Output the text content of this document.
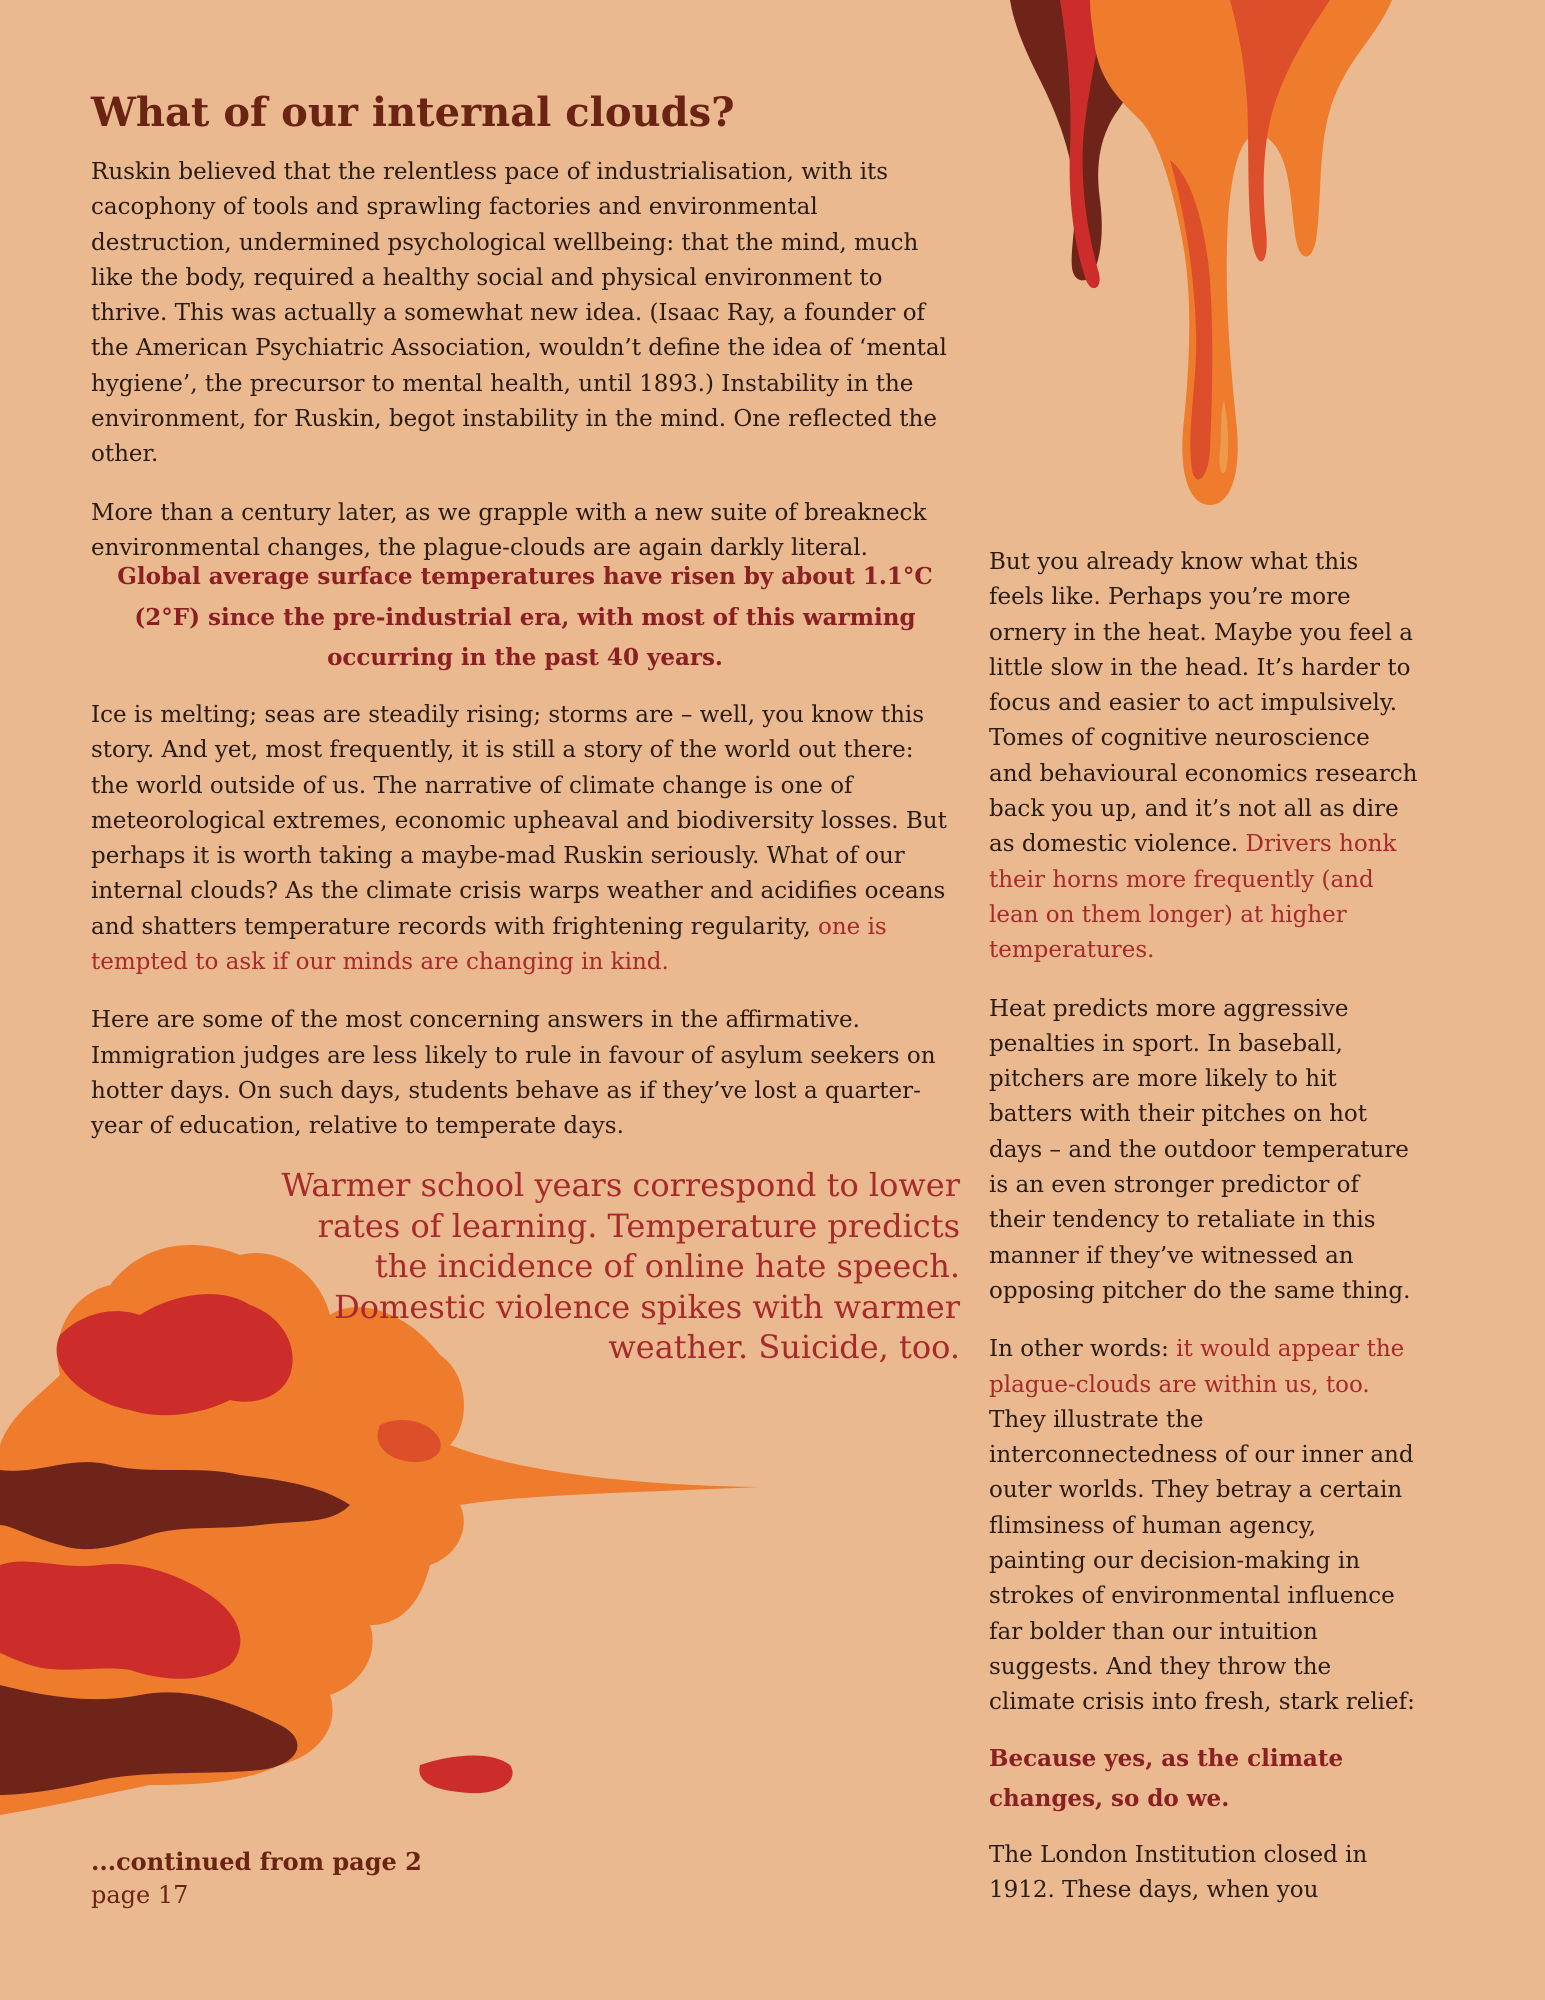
What of our internal clouds?

Ruskin believed that the relentless pace of industrialisation, with its cacophony of tools and sprawling factories and environmental destruction, undermined psychological wellbeing: that the mind, much like the body, required a healthy social and physical environment to thrive. This was actually a somewhat new idea. (Isaac Ray, a founder of the American Psychiatric Association, wouldn’t define the idea of ‘mental hygiene’, the precursor to mental health, until 1893.) Instability in the environment, for Ruskin, begot instability in the mind. One reflected the other.

More than a century later, as we grapple with a new suite of breakneck environmental changes, the plague-clouds are again darkly literal.

Global average surface temperatures have risen by about 1.1°C (2°F) since the pre-industrial era, with most of this warming occurring in the past 40 years.

Ice is melting; seas are steadily rising; storms are – well, you know this story. And yet, most frequently, it is still a story of the world out there: the world outside of us. The narrative of climate change is one of meteorological extremes, economic upheaval and biodiversity losses. But perhaps it is worth taking a maybe-mad Ruskin seriously. What of our internal clouds? As the climate crisis warps weather and acidifies oceans and shatters temperature records with frightening regularity, one is tempted to ask if our minds are changing in kind.

Here are some of the most concerning answers in the affirmative. Immigration judges are less likely to rule in favour of asylum seekers on hotter days. On such days, students behave as if they’ve lost a quarter-year of education, relative to temperate days.

Warmer school years correspond to lower rates of learning. Temperature predicts the incidence of online hate speech. Domestic violence spikes with warmer weather. Suicide, too.

But you already know what this feels like. Perhaps you’re more ornery in the heat. Maybe you feel a little slow in the head. It’s harder to focus and easier to act impulsively. Tomes of cognitive neuroscience and behavioural economics research back you up, and it’s not all as dire as domestic violence. Drivers honk their horns more frequently (and lean on them longer) at higher temperatures.

Heat predicts more aggressive penalties in sport. In baseball, pitchers are more likely to hit batters with their pitches on hot days – and the outdoor temperature is an even stronger predictor of their tendency to retaliate in this manner if they’ve witnessed an opposing pitcher do the same thing.

In other words: it would appear the plague-clouds are within us, too. They illustrate the interconnectedness of our inner and outer worlds. They betray a certain flimsiness of human agency, painting our decision-making in strokes of environmental influence far bolder than our intuition suggests. And they throw the climate crisis into fresh, stark relief:

Because yes, as the climate changes, so do we.

The London Institution closed in 1912. These days, when you

...continued from page 2
page 17
